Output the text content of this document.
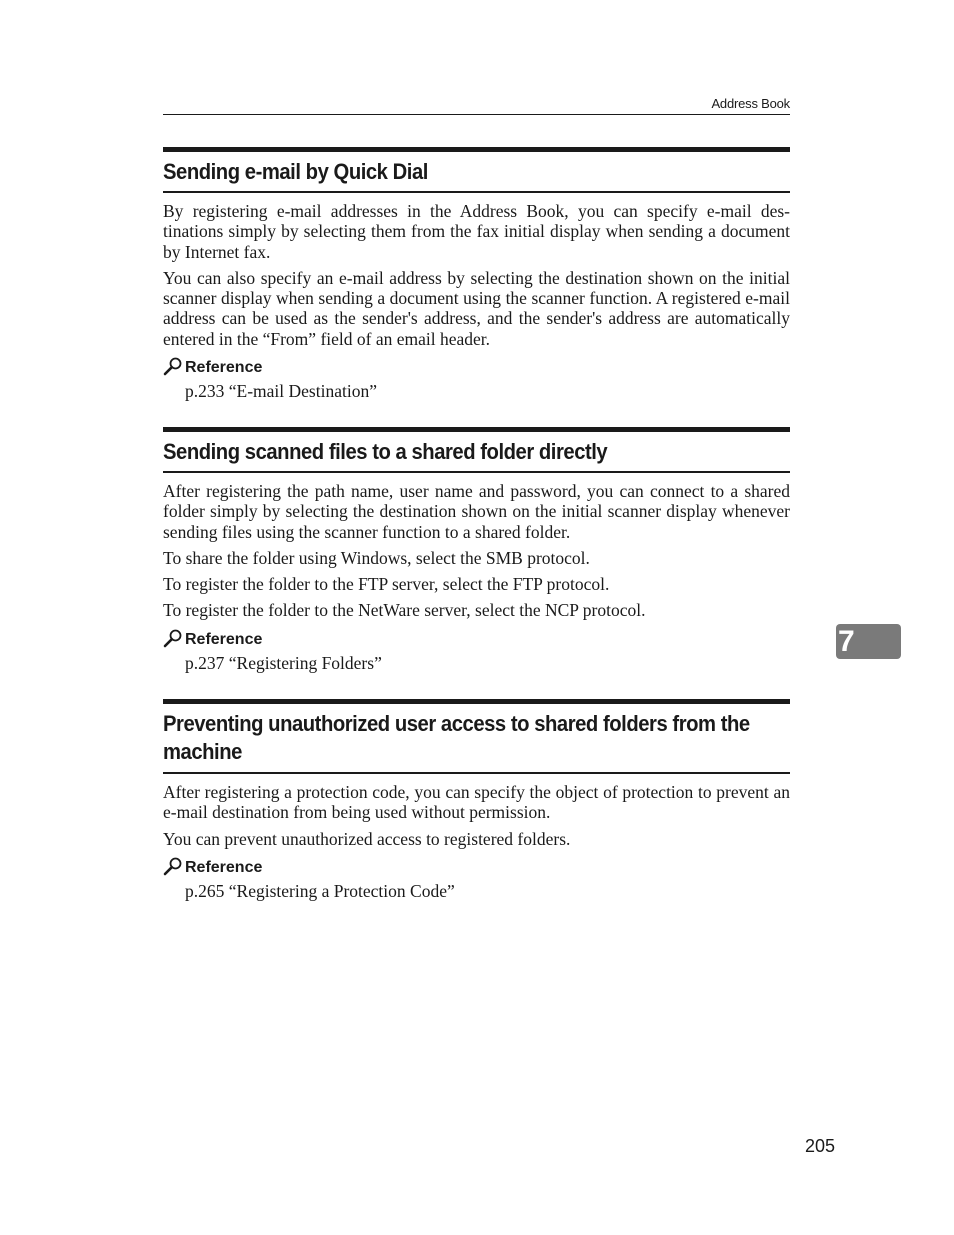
Address Book
Sending e-mail by Quick Dial

By registering e-mail addresses in the Address Book, you can specify e-mail des-tinations simply by selecting them from the fax initial display when sending a document by Internet fax.

You can also specify an e-mail address by selecting the destination shown on the initial scanner display when sending a document using the scanner function. A registered e-mail address can be used as the sender's address, and the sender's address are automatically entered in the “From” field of an email header.

Reference

p.233 “E-mail Destination”

Sending scanned files to a shared folder directly

After registering the path name, user name and password, you can connect to a shared folder simply by selecting the destination shown on the initial scanner display whenever sending files using the scanner function to a shared folder.

To share the folder using Windows, select the SMB protocol.

To register the folder to the FTP server, select the FTP protocol.

To register the folder to the NetWare server, select the NCP protocol.

Reference

p.237 “Registering Folders”

Preventing unauthorized user access to shared folders from the machine

After registering a protection code, you can specify the object of protection to prevent an e-mail destination from being used without permission.

You can prevent unauthorized access to registered folders.

Reference

p.265 “Registering a Protection Code”

7
205
